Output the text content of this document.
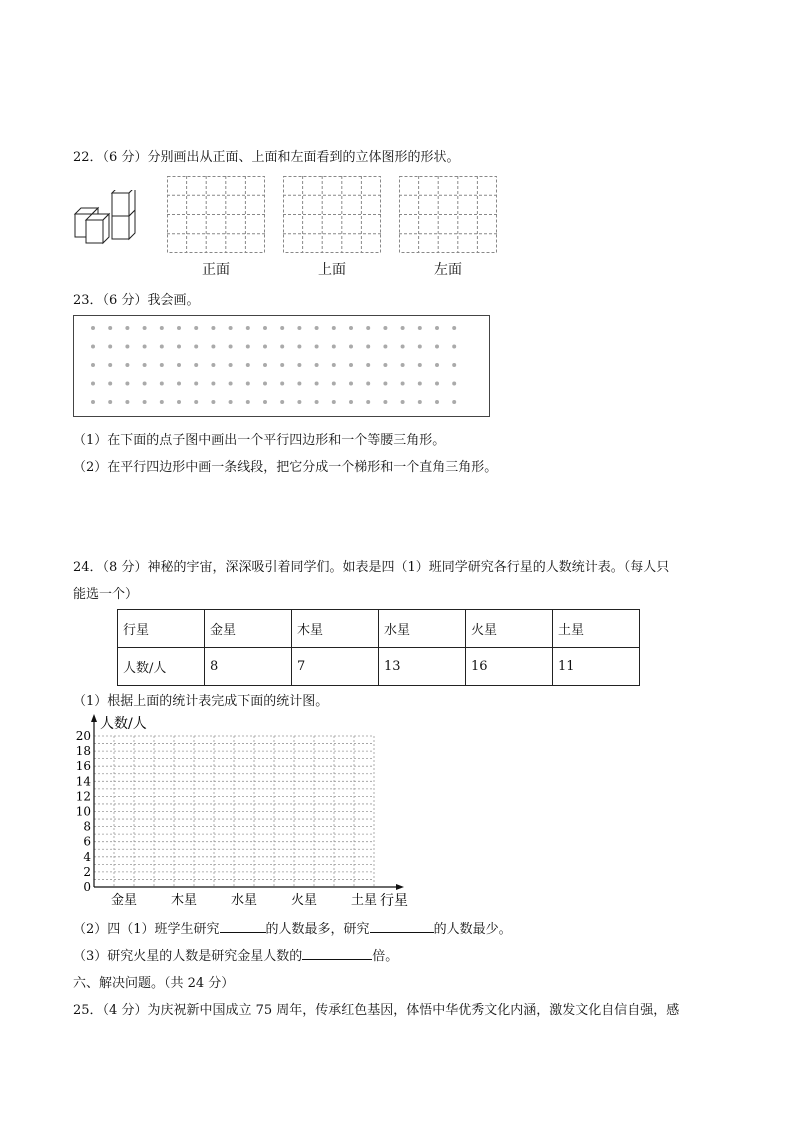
22．（6 分）分别画出从正面、上面和左面看到的立体图形的形状。
正面	上面	左面
23．（6 分）我会画。
（1）在下面的点子图中画出一个平行四边形和一个等腰三角形。
（2）在平行四边形中画一条线段，把它分成一个梯形和一个直角三角形。
24．（8 分）神秘的宇宙，深深吸引着同学们。如表是四（1）班同学研究各行星的人数统计表。（每人只
能选一个）
行星	金星	木星	水星	火星	土星
人数/人	8	7	13	16	11
（1）根据上面的统计表完成下面的统计图。
0
2
4
6
8
10
12
14
16
18
20
金星	木星	水星	火星	土星
人数/人
行星
（2）四（1）班学生研究	的人数最多，研究	的人数最少。
（3）研究火星的人数是研究金星人数的	倍。
六、解决问题。（共 24 分）
25．（4 分）为庆祝新中国成立 75 周年，传承红色基因，体悟中华优秀文化内涵，激发文化自信自强，感
